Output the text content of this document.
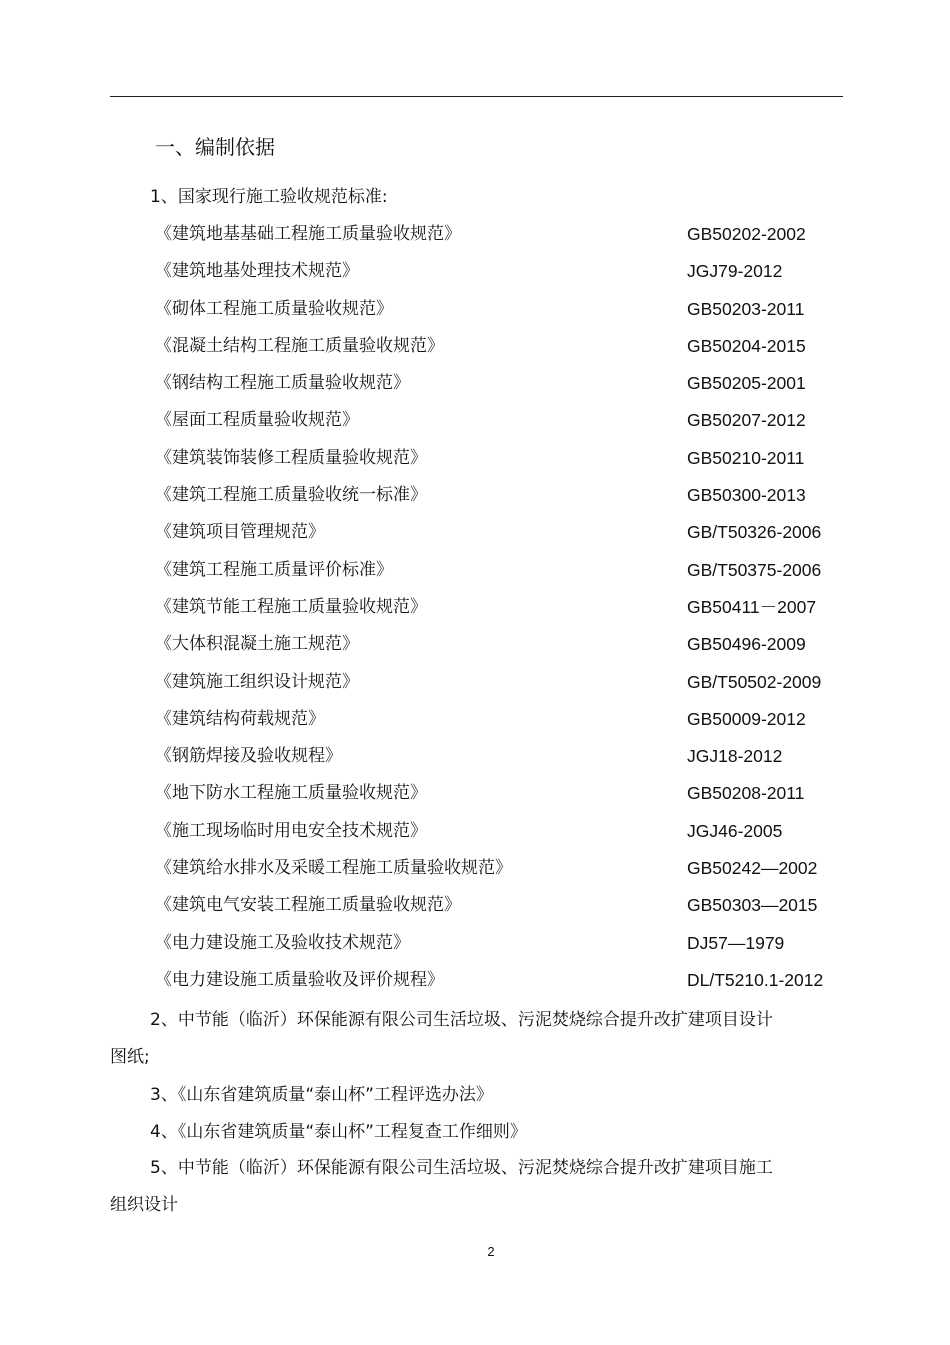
一、编制依据
1、国家现行施工验收规范标准:
《建筑地基基础工程施工质量验收规范》	GB50202-2002
《建筑地基处理技术规范》	JGJ79-2012
《砌体工程施工质量验收规范》	GB50203-2011
《混凝土结构工程施工质量验收规范》	GB50204-2015
《钢结构工程施工质量验收规范》	GB50205-2001
《屋面工程质量验收规范》	GB50207-2012
《建筑装饰装修工程质量验收规范》	GB50210-2011
《建筑工程施工质量验收统一标准》	GB50300-2013
《建筑项目管理规范》	GB/T50326-2006
《建筑工程施工质量评价标准》	GB/T50375-2006
《建筑节能工程施工质量验收规范》	GB50411－2007
《大体积混凝土施工规范》	GB50496-2009
《建筑施工组织设计规范》	GB/T50502-2009
《建筑结构荷载规范》	GB50009-2012
《钢筋焊接及验收规程》	JGJ18-2012
《地下防水工程施工质量验收规范》	GB50208-2011
《施工现场临时用电安全技术规范》	JGJ46-2005
《建筑给水排水及采暖工程施工质量验收规范》	GB50242—2002
《建筑电气安装工程施工质量验收规范》	GB50303—2015
《电力建设施工及验收技术规范》	DJ57—1979
《电力建设施工质量验收及评价规程》	DL/T5210.1-2012
2、中节能（临沂）环保能源有限公司生活垃圾、污泥焚烧综合提升改扩建项目设计
图纸;
3、《山东省建筑质量“泰山杯”工程评选办法》
4、《山东省建筑质量“泰山杯”工程复查工作细则》
5、中节能（临沂）环保能源有限公司生活垃圾、污泥焚烧综合提升改扩建项目施工
组织设计
2
